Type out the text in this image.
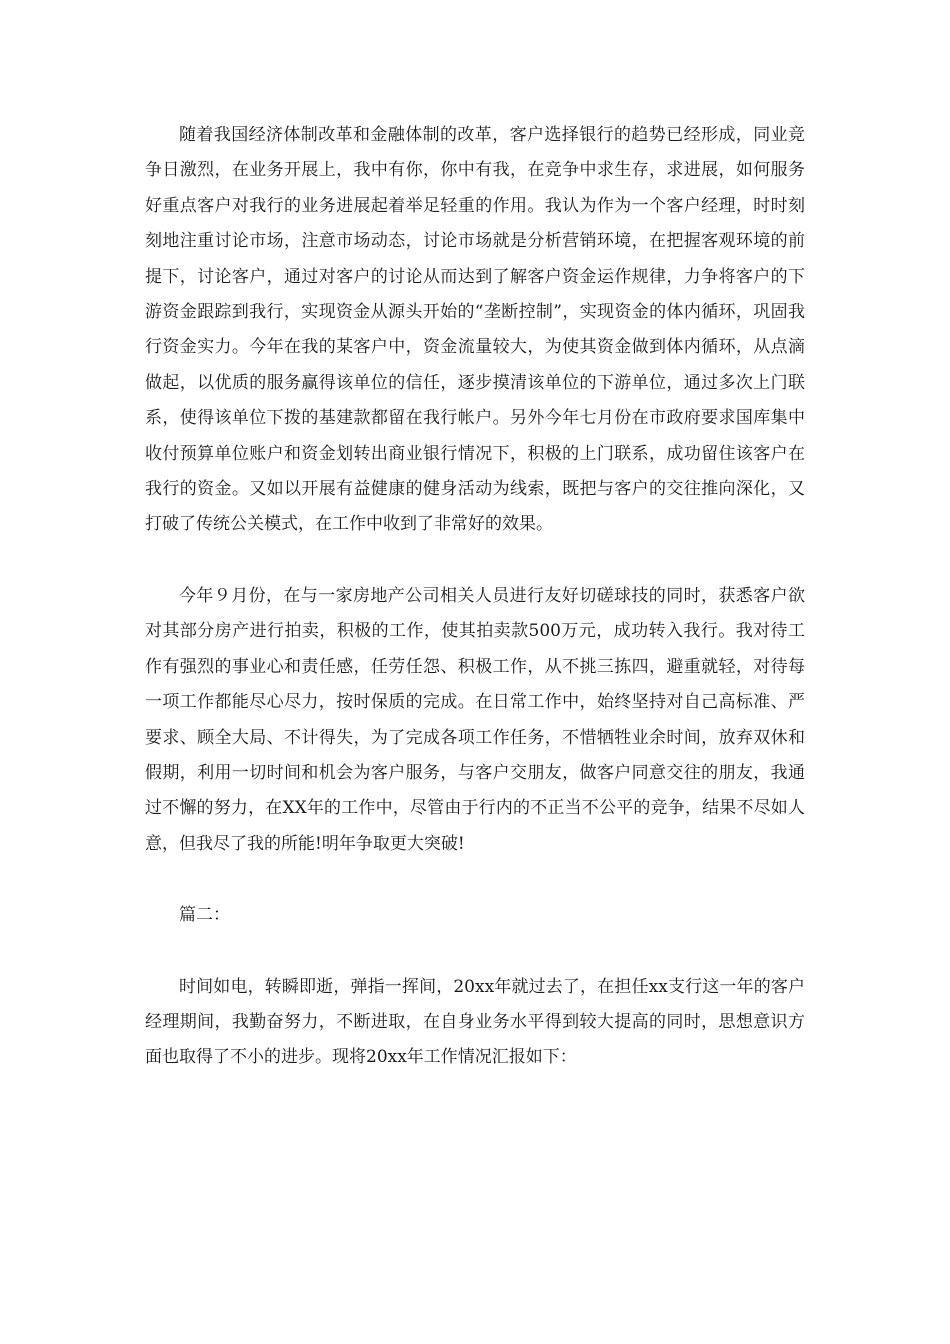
随着我国经济体制改革和金融体制的改革，客户选择银行的趋势已经形成，同业竞争日激烈，在业务开展上，我中有你，你中有我，在竞争中求生存，求进展，如何服务好重点客户对我行的业务进展起着举足轻重的作用。我认为作为一个客户经理，时时刻刻地注重讨论市场，注意市场动态，讨论市场就是分析营销环境，在把握客观环境的前提下，讨论客户，通过对客户的讨论从而达到了解客户资金运作规律，力争将客户的下游资金跟踪到我行，实现资金从源头开始的“垄断控制”，实现资金的体内循环，巩固我行资金实力。今年在我的某客户中，资金流量较大，为使其资金做到体内循环，从点滴做起，以优质的服务赢得该单位的信任，逐步摸清该单位的下游单位，通过多次上门联系，使得该单位下拨的基建款都留在我行帐户。另外今年七月份在市政府要求国库集中收付预算单位账户和资金划转出商业银行情况下，积极的上门联系，成功留住该客户在我行的资金。又如以开展有益健康的健身活动为线索，既把与客户的交往推向深化，又打破了传统公关模式，在工作中收到了非常好的效果。

今年９月份，在与一家房地产公司相关人员进行友好切磋球技的同时，获悉客户欲对其部分房产进行拍卖，积极的工作，使其拍卖款500万元，成功转入我行。我对待工作有强烈的事业心和责任感，任劳任怨、积极工作，从不挑三拣四，避重就轻，对待每一项工作都能尽心尽力，按时保质的完成。在日常工作中，始终坚持对自己高标准、严要求、顾全大局、不计得失，为了完成各项工作任务，不惜牺牲业余时间，放弃双休和假期，利用一切时间和机会为客户服务，与客户交朋友，做客户同意交往的朋友，我通过不懈的努力，在XX年的工作中，尽管由于行内的不正当不公平的竞争，结果不尽如人意，但我尽了我的所能!明年争取更大突破!

篇二：

时间如电，转瞬即逝，弹指一挥间，20xx年就过去了，在担任xx支行这一年的客户经理期间，我勤奋努力，不断进取，在自身业务水平得到较大提高的同时，思想意识方面也取得了不小的进步。现将20xx年工作情况汇报如下：
